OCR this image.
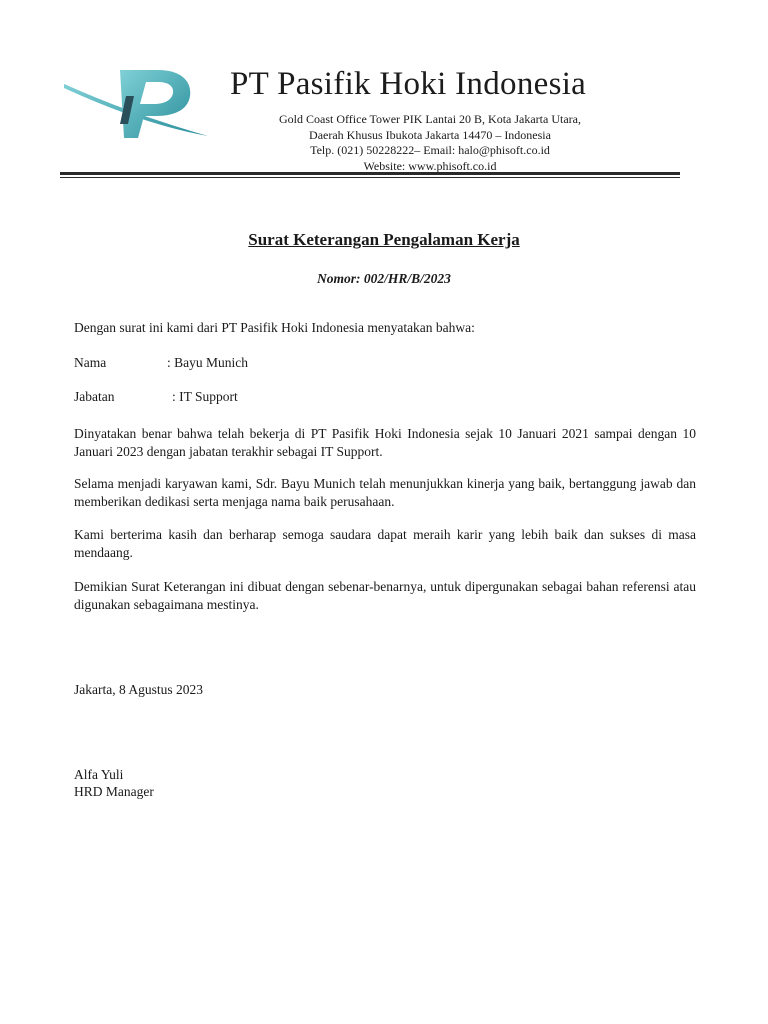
PT Pasifik Hoki Indonesia
Gold Coast Office Tower PIK Lantai 20 B, Kota Jakarta Utara,
Daerah Khusus Ibukota Jakarta 14470 – Indonesia
Telp. (021) 50228222– Email: halo@phisoft.co.id
Website: www.phisoft.co.id
Surat Keterangan Pengalaman Kerja
Nomor: 002/HR/B/2023
Dengan surat ini kami dari PT Pasifik Hoki Indonesia menyatakan bahwa:
Nama	: Bayu Munich
Jabatan	: IT Support
Dinyatakan benar bahwa telah bekerja di PT Pasifik Hoki Indonesia sejak 10 Januari 2021 sampai dengan 10 Januari 2023 dengan jabatan terakhir sebagai IT Support.
Selama menjadi karyawan kami, Sdr. Bayu Munich telah menunjukkan kinerja yang baik, bertanggung jawab dan memberikan dedikasi serta menjaga nama baik perusahaan.
Kami berterima kasih dan berharap semoga saudara dapat meraih karir yang lebih baik dan sukses di masa mendaang.
Demikian Surat Keterangan ini dibuat dengan sebenar-benarnya, untuk dipergunakan sebagai bahan referensi atau digunakan sebagaimana mestinya.
Jakarta, 8 Agustus 2023
Alfa Yuli
HRD Manager
